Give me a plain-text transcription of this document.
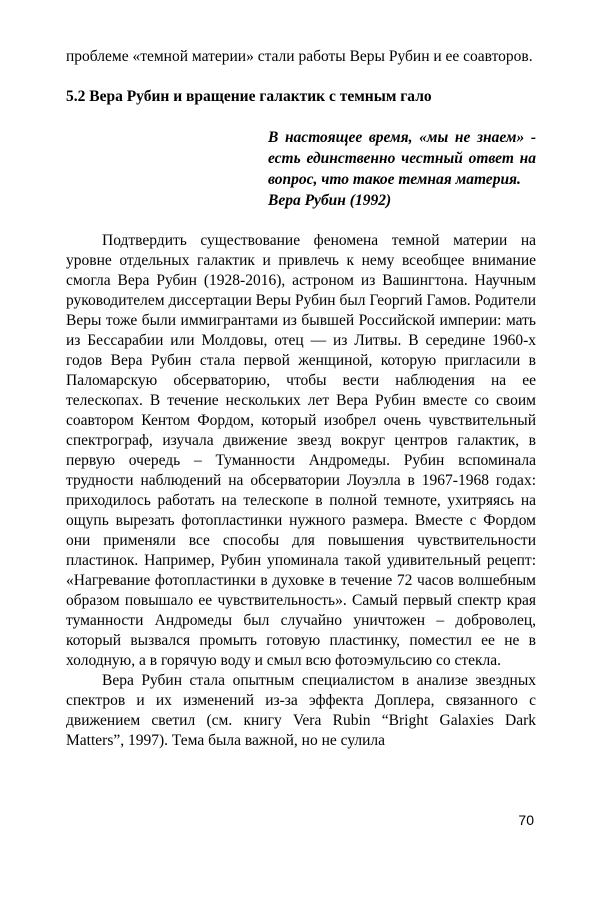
проблеме «темной материи» стали работы Веры Рубин и ее соавторов.

5.2 Вера Рубин и вращение галактик с темным гало
В настоящее время, «мы не знаем» - есть единственно честный ответ на вопрос, что такое темная материя.
Вера Рубин (1992)

Подтвердить существование феномена темной материи на уровне отдельных галактик и привлечь к нему всеобщее внимание смогла Вера Рубин (1928-2016), астроном из Вашингтона. Научным руководителем диссертации Веры Рубин был Георгий Гамов. Родители Веры тоже были иммигрантами из бывшей Российской империи: мать из Бессарабии или Молдовы, отец — из Литвы. В середине 1960-х годов Вера Рубин стала первой женщиной, которую пригласили в Паломарскую обсерваторию, чтобы вести наблюдения на ее телескопах. В течение нескольких лет Вера Рубин вместе со своим соавтором Кентом Фордом, который изобрел очень чувствительный спектрограф, изучала движение звезд вокруг центров галактик, в первую очередь – Туманности Андромеды. Рубин вспоминала трудности наблюдений на обсерватории Лоуэлла в 1967-1968 годах: приходилось работать на телескопе в полной темноте, ухитряясь на ощупь вырезать фотопластинки нужного размера. Вместе с Фордом они применяли все способы для повышения чувствительности пластинок. Например, Рубин упоминала такой удивительный рецепт: «Нагревание фотопластинки в духовке в течение 72 часов волшебным образом повышало ее чувствительность». Самый первый спектр края туманности Андромеды был случайно уничтожен – доброволец, который вызвался промыть готовую пластинку, поместил ее не в холодную, а в горячую воду и смыл всю фотоэмульсию со стекла.

Вера Рубин стала опытным специалистом в анализе звездных спектров и их изменений из-за эффекта Доплера, связанного с движением светил (см. книгу Vera Rubin “Bright Galaxies Dark Matters”, 1997). Тема была важной, но не сулила

70
